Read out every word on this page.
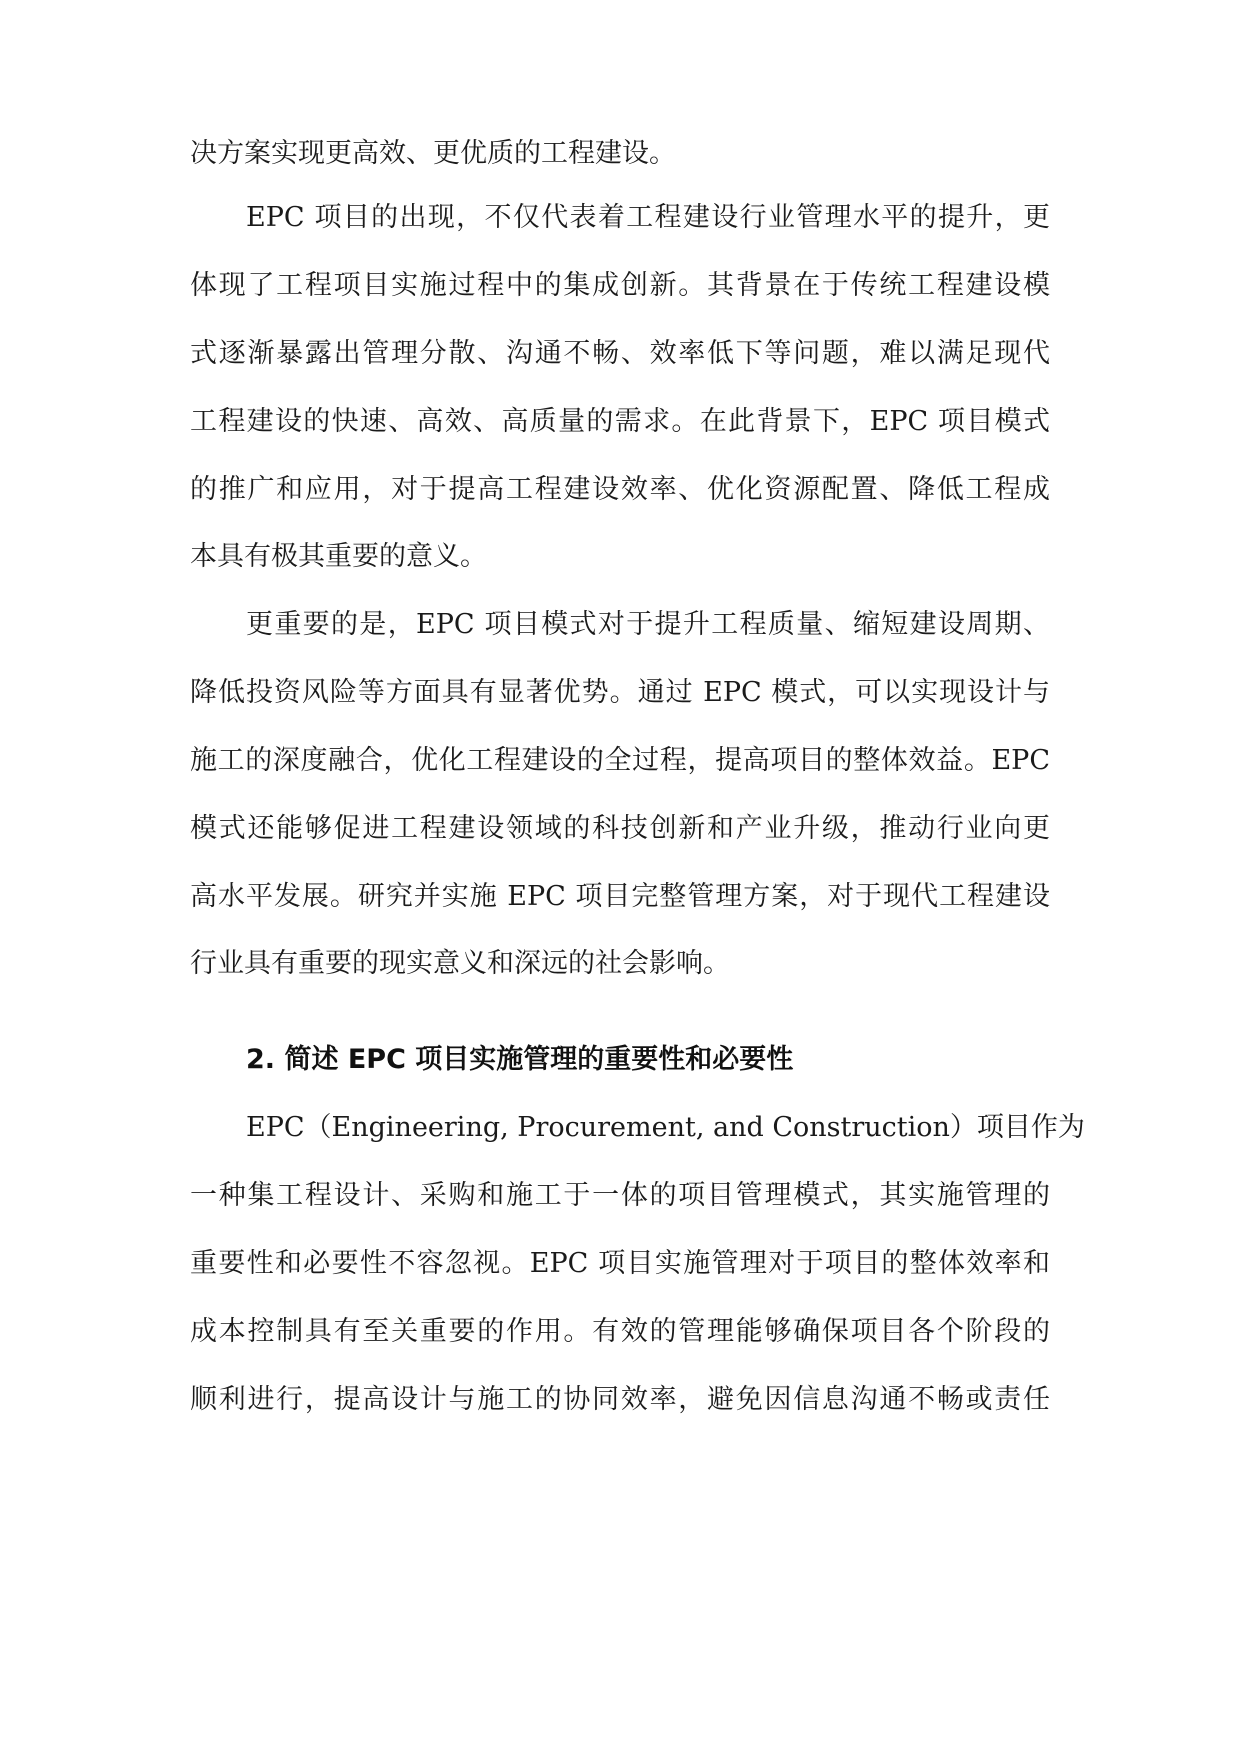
决方案实现更高效、更优质的工程建设。

EPC 项目的出现，不仅代表着工程建设行业管理水平的提升，更

体现了工程项目实施过程中的集成创新。其背景在于传统工程建设模

式逐渐暴露出管理分散、沟通不畅、效率低下等问题，难以满足现代

工程建设的快速、高效、高质量的需求。在此背景下，EPC 项目模式

的推广和应用，对于提高工程建设效率、优化资源配置、降低工程成

本具有极其重要的意义。

更重要的是，EPC 项目模式对于提升工程质量、缩短建设周期、

降低投资风险等方面具有显著优势。通过 EPC 模式，可以实现设计与

施工的深度融合，优化工程建设的全过程，提高项目的整体效益。EPC

模式还能够促进工程建设领域的科技创新和产业升级，推动行业向更

高水平发展。研究并实施 EPC 项目完整管理方案，对于现代工程建设

行业具有重要的现实意义和深远的社会影响。

2. 简述 EPC 项目实施管理的重要性和必要性

EPC（Engineering, Procurement, and Construction）项目作为

一种集工程设计、采购和施工于一体的项目管理模式，其实施管理的

重要性和必要性不容忽视。EPC 项目实施管理对于项目的整体效率和

成本控制具有至关重要的作用。有效的管理能够确保项目各个阶段的

顺利进行，提高设计与施工的协同效率，避免因信息沟通不畅或责任
